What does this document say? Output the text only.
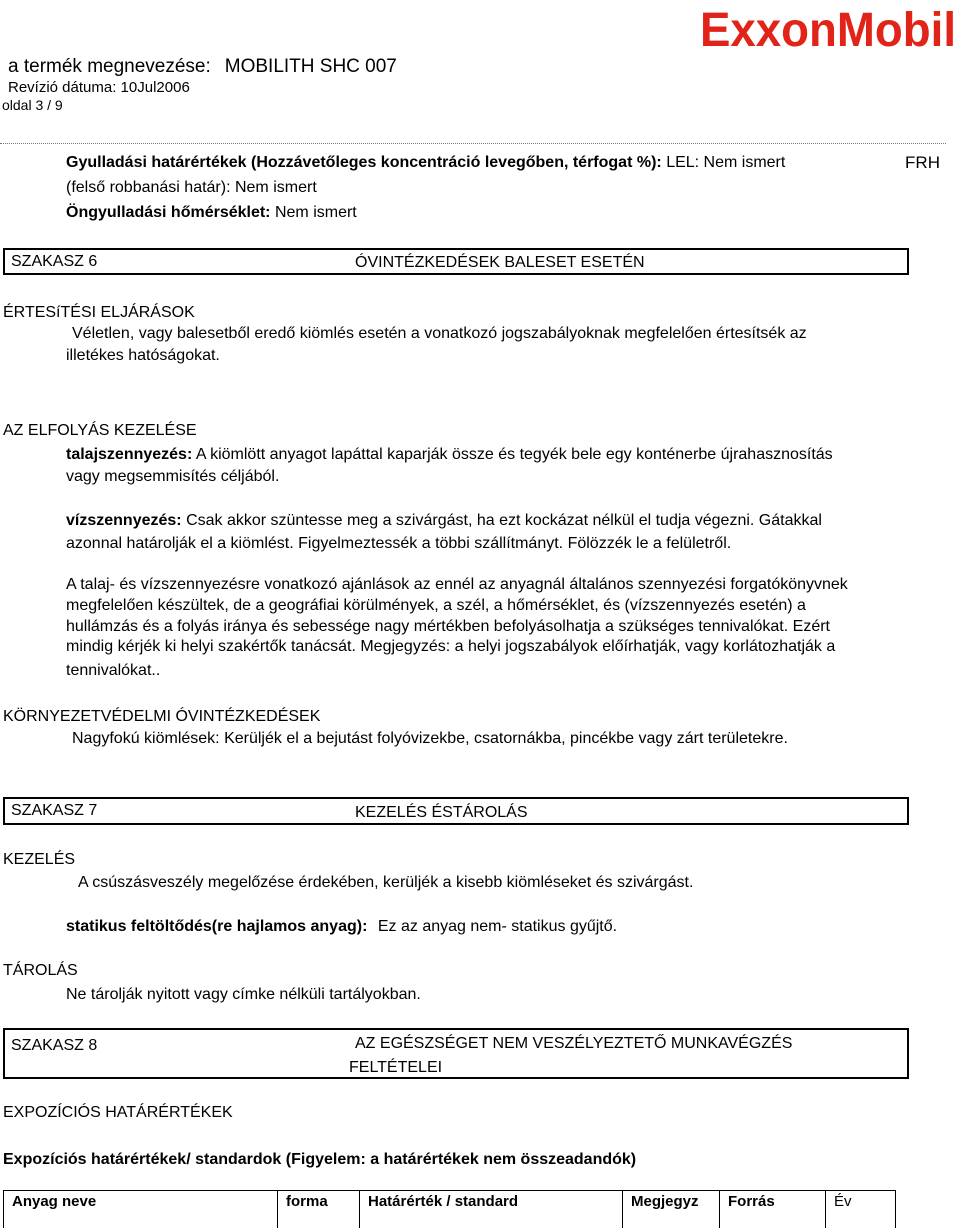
a termék megnevezése: MOBILITH SHC 007
Revízió dátuma: 10Jul2006
oldal 3 / 9
ExxonMobil
FRH
Gyulladási határértékek (Hozzávetőleges koncentráció levegőben, térfogat %): LEL: Nem ismert
(felső robbanási határ): Nem ismert
Öngyulladási hőmérséklet: Nem ismert
SZAKASZ 6	ÓVINTÉZKEDÉSEK BALESET ESETÉN
ÉRTESíTÉSI ELJÁRÁSOK
Véletlen, vagy balesetből eredő kiömlés esetén a vonatkozó jogszabályoknak megfelelően értesítsék az
illetékes hatóságokat.
AZ ELFOLYÁS KEZELÉSE
talajszennyezés: A kiömlött anyagot lapáttal kaparják össze és tegyék bele egy konténerbe újrahasznosítás
vagy megsemmisítés céljából.
vízszennyezés: Csak akkor szüntesse meg a szivárgást, ha ezt kockázat nélkül el tudja végezni. Gátakkal
azonnal határolják el a kiömlést. Figyelmeztessék a többi szállítmányt. Fölözzék le a felületről.
A talaj- és vízszennyezésre vonatkozó ajánlások az ennél az anyagnál általános szennyezési forgatókönyvnek
megfelelően készültek, de a geográfiai körülmények, a szél, a hőmérséklet, és (vízszennyezés esetén) a
hullámzás és a folyás iránya és sebessége nagy mértékben befolyásolhatja a szükséges tennivalókat. Ezért
mindig kérjék ki helyi szakértők tanácsát. Megjegyzés: a helyi jogszabályok előírhatják, vagy korlátozhatják a
tennivalókat..
KÖRNYEZETVÉDELMI ÓVINTÉZKEDÉSEK
Nagyfokú kiömlések: Kerüljék el a bejutást folyóvizekbe, csatornákba, pincékbe vagy zárt területekre.
SZAKASZ 7	KEZELÉS ÉSTÁROLÁS
KEZELÉS
A csúszásveszély megelőzése érdekében, kerüljék a kisebb kiömléseket és szivárgást.
statikus feltöltődés(re hajlamos anyag): Ez az anyag nem- statikus gyűjtő.
TÁROLÁS
Ne tárolják nyitott vagy címke nélküli tartályokban.
SZAKASZ 8	AZ EGÉSZSÉGET NEM VESZÉLYEZTETŐ MUNKAVÉGZÉS
FELTÉTELEI
EXPOZÍCIÓS HATÁRÉRTÉKEK
Expozíciós határértékek/ standardok (Figyelem: a határértékek nem összeadandók)
Anyag neve	forma	Határérték / standard	Megjegyz	Forrás	Év
